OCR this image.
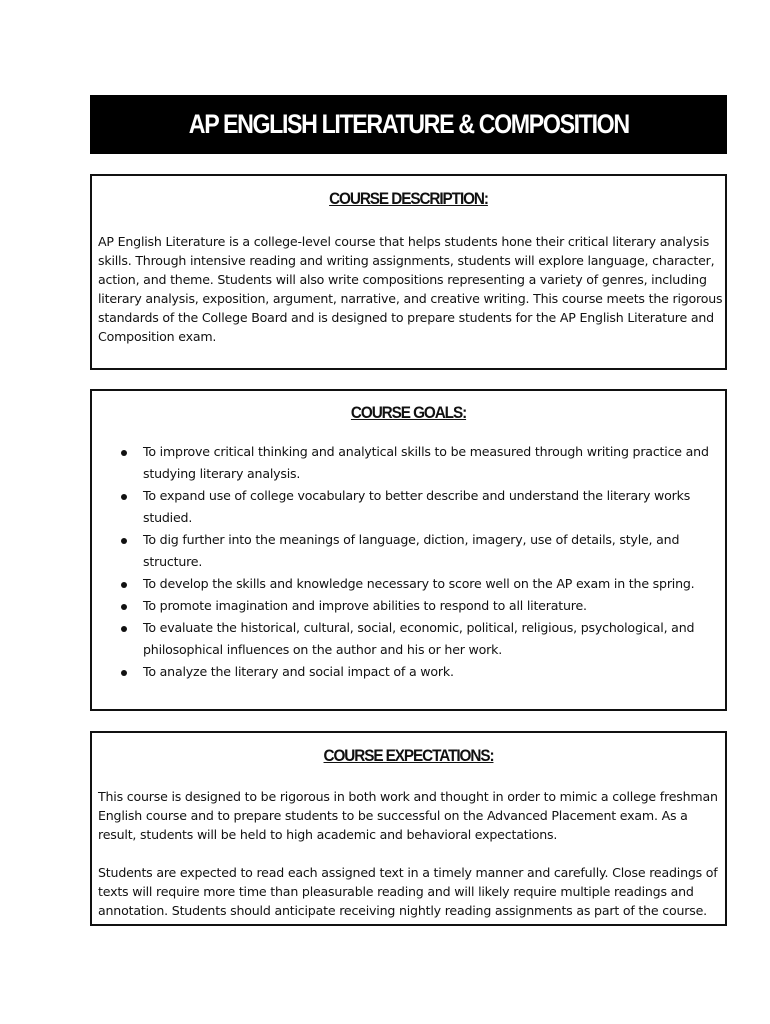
AP ENGLISH LITERATURE & COMPOSITION
COURSE DESCRIPTION:

AP English Literature is a college-level course that helps students hone their critical literary analysis skills. Through intensive reading and writing assignments, students will explore language, character, action, and theme. Students will also write compositions representing a variety of genres, including literary analysis, exposition, argument, narrative, and creative writing. This course meets the rigorous standards of the College Board and is designed to prepare students for the AP English Literature and Composition exam.

COURSE GOALS:
To improve critical thinking and analytical skills to be measured through writing practice and studying literary analysis.
To expand use of college vocabulary to better describe and understand the literary works studied.
To dig further into the meanings of language, diction, imagery, use of details, style, and structure.
To develop the skills and knowledge necessary to score well on the AP exam in the spring.
To promote imagination and improve abilities to respond to all literature.
To evaluate the historical, cultural, social, economic, political, religious, psychological, and philosophical influences on the author and his or her work.
To analyze the literary and social impact of a work.
COURSE EXPECTATIONS:

This course is designed to be rigorous in both work and thought in order to mimic a college freshman English course and to prepare students to be successful on the Advanced Placement exam. As a result, students will be held to high academic and behavioral expectations.

Students are expected to read each assigned text in a timely manner and carefully. Close readings of texts will require more time than pleasurable reading and will likely require multiple readings and annotation. Students should anticipate receiving nightly reading assignments as part of the course.
